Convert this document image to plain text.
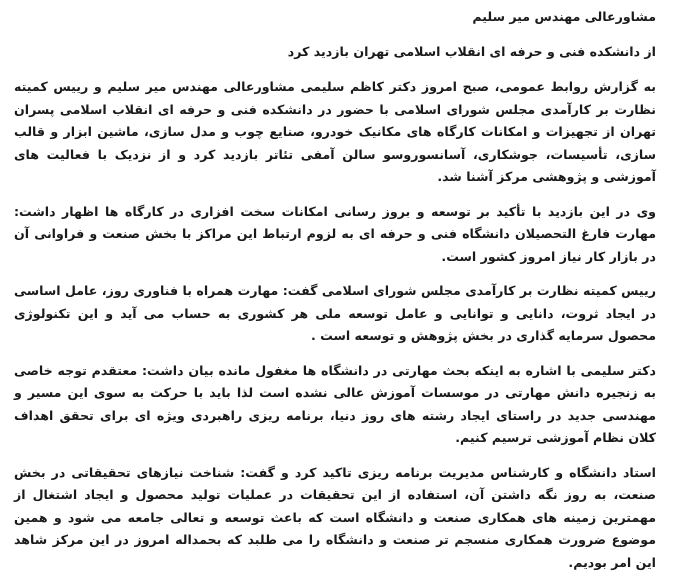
مشاورعالی مهندس میر سلیم

از دانشکده فنی و حرفه ای انقلاب اسلامی تهران بازدید کرد

به گزارش روابط عمومی، صبح امروز دکتر کاظم سلیمی مشاورعالی مهندس میر سلیم و رییس کمیته نظارت بر کارآمدی مجلس شورای اسلامی با حضور در دانشکده فنی و حرفه ای انقلاب اسلامی پسران تهران از تجهیزات و امکانات کارگاه های مکانیک خودرو، صنایع چوب و مدل سازی، ماشین ابزار و قالب سازی، تأسیسات، جوشکاری، آسانسوروسو سالن آمفی تئاتر بازدید کرد و از نزدیک با فعالیت های آموزشی و پژوهشی مرکز آشنا شد.

وی در این بازدید با تأکید بر توسعه و بروز رسانی امکانات سخت افزاری در کارگاه ها اظهار داشت: مهارت فارغ التحصیلان دانشگاه فنی و حرفه ای به لزوم ارتباط این مراکز با بخش صنعت و فراوانی آن در بازار کار نیاز امروز کشور است.

رییس کمیته نظارت بر کارآمدی مجلس شورای اسلامی گفت: مهارت همراه با فناوری روز، عامل اساسی در ایجاد ثروت، دانایی و توانایی و عامل توسعه ملی هر کشوری به حساب می آید و این تکنولوژی محصول سرمایه گذاری در بخش پژوهش و توسعه است .

دکتر سلیمی با اشاره به اینکه بحث مهارتی در دانشگاه ها مغفول مانده بیان داشت: معتقدم توجه خاصی به زنجیره دانش مهارتی در موسسات آموزش عالی نشده است لذا باید با حرکت به سوی این مسیر و مهندسی جدید در راستای ایجاد رشته های روز دنیا، برنامه ریزی راهبردی ویژه ای برای تحقق اهداف کلان نظام آموزشی ترسیم کنیم.

استاد دانشگاه و کارشناس مدیریت برنامه ریزی تاکید کرد و گفت: شناخت نیازهای تحقیقاتی در بخش صنعت، به روز نگه داشتن آن، استفاده از این تحقیقات در عملیات تولید محصول و ایجاد اشتغال از مهمترین زمینه های همکاری صنعت و دانشگاه است که باعث توسعه و تعالی جامعه می شود و همین موضوع ضرورت همکاری منسجم تر صنعت و دانشگاه را می طلبد که بحمداله امروز در این مرکز شاهد این امر بودیم.
